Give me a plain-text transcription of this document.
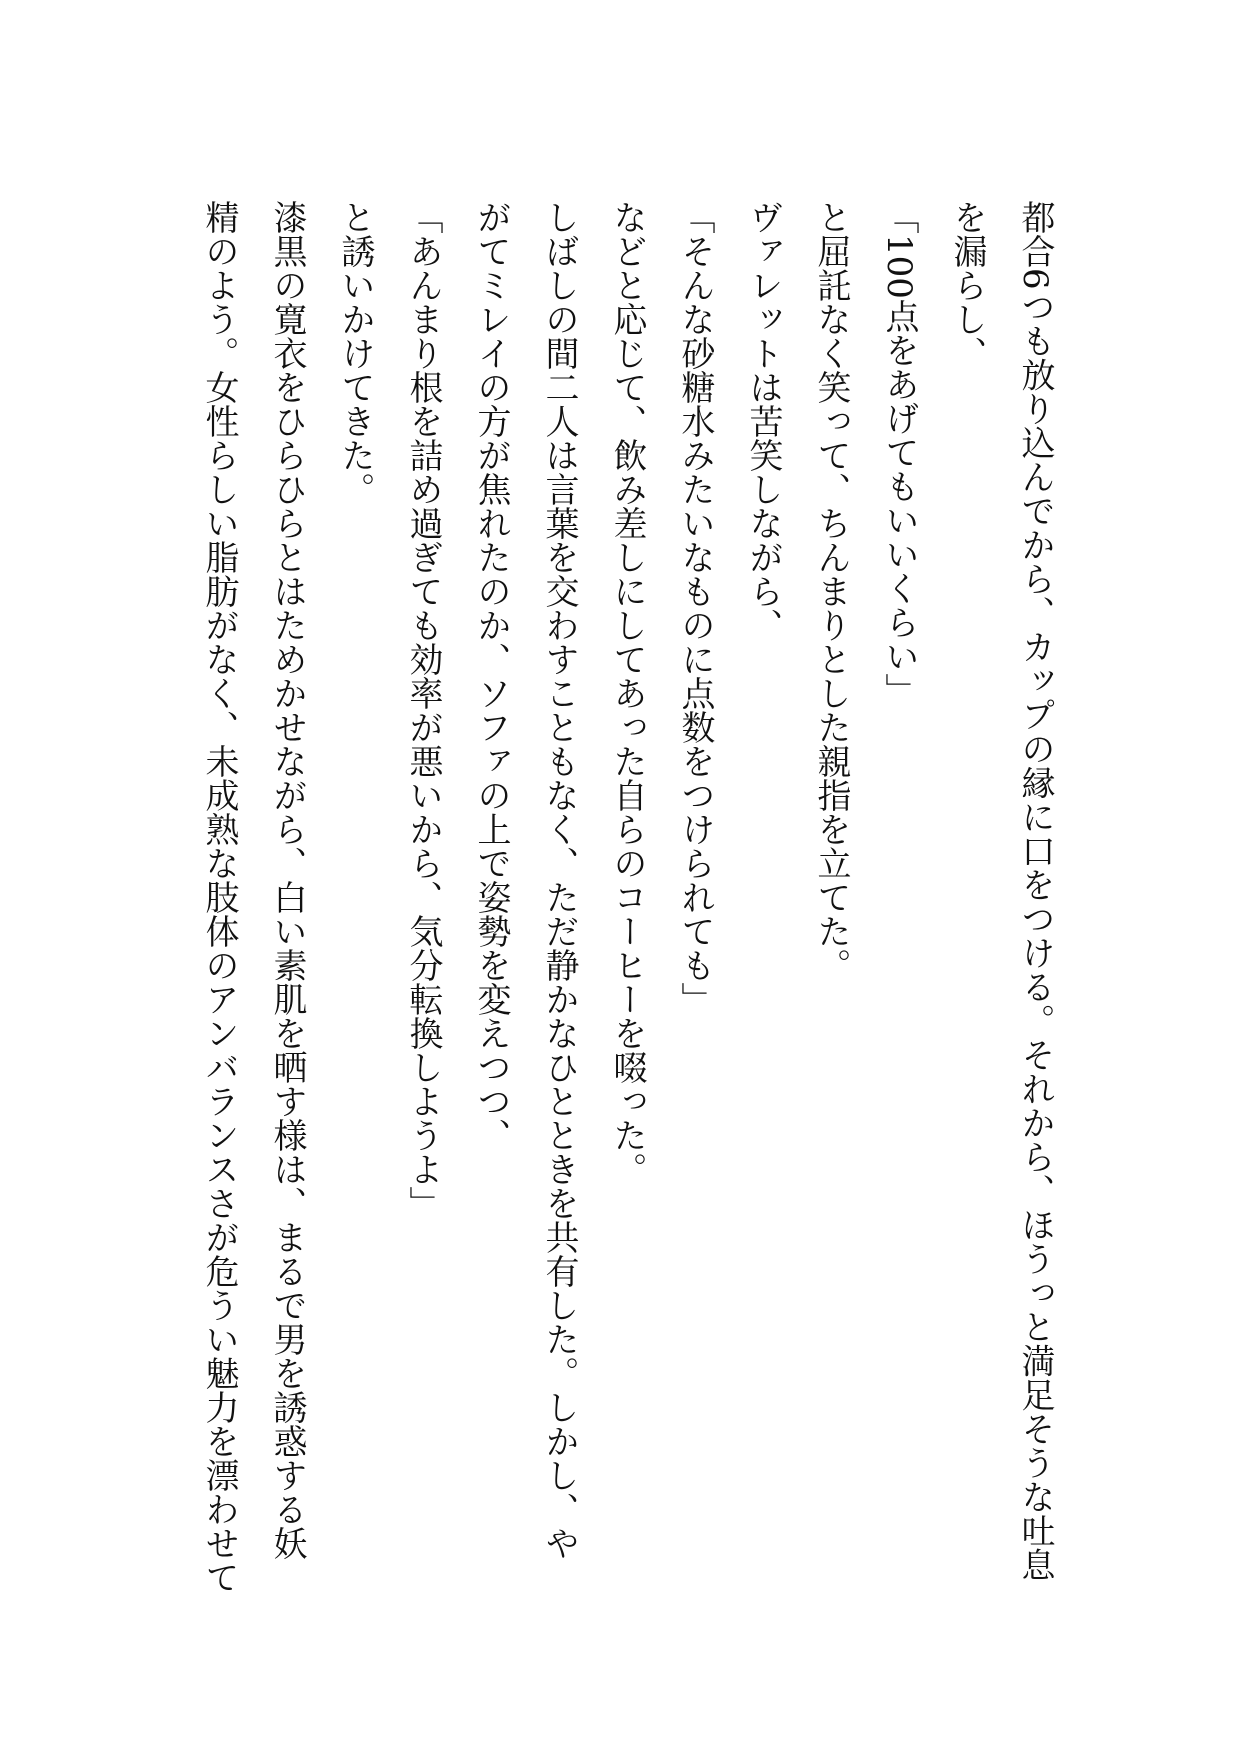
都合6つも放り込んでから、カップの縁に口をつける。それから、ほうっと満足そうな吐息

を漏らし、

「100点をあげてもいいくらい」

と屈託なく笑って、ちんまりとした親指を立てた。

ヴァレットは苦笑しながら、

「そんな砂糖水みたいなものに点数をつけられても」

などと応じて、飲み差しにしてあった自らのコーヒーを啜った。

しばしの間二人は言葉を交わすこともなく、ただ静かなひとときを共有した。しかし、や

がてミレイの方が焦れたのか、ソファの上で姿勢を変えつつ、

「あんまり根を詰め過ぎても効率が悪いから、気分転換しようよ」

と誘いかけてきた。

漆黒の寛衣をひらひらとはためかせながら、白い素肌を晒す様は、まるで男を誘惑する妖

精のよう。女性らしい脂肪がなく、未成熟な肢体のアンバランスさが危うい魅力を漂わせて
